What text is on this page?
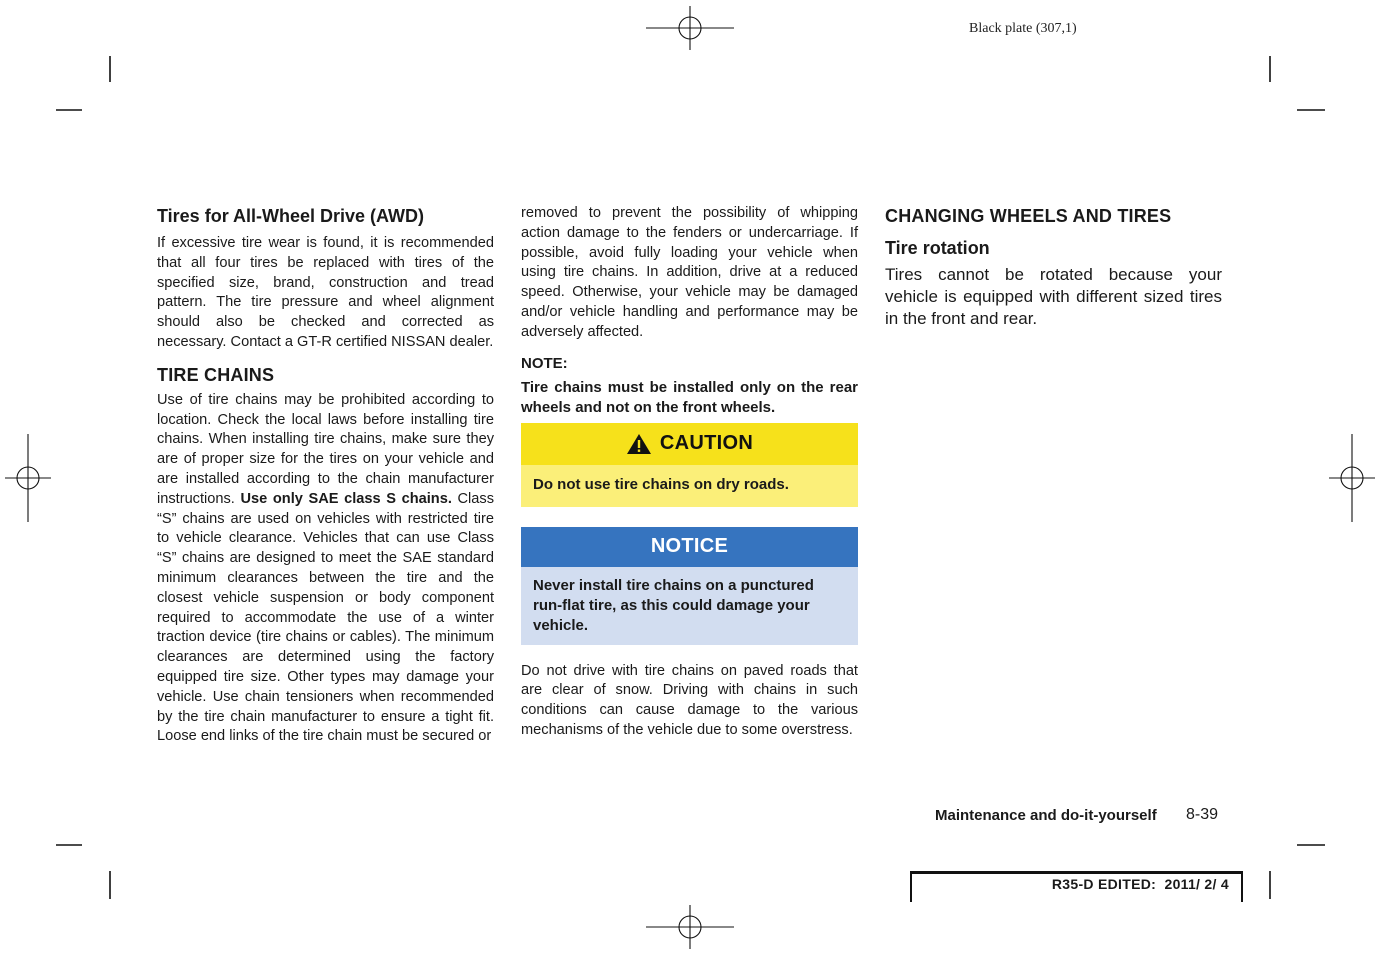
Black plate (307,1)
Tires for All-Wheel Drive (AWD)
If excessive tire wear is found, it is recommended that all four tires be replaced with tires of the specified size, brand, construction and tread pattern. The tire pressure and wheel alignment should also be checked and corrected as necessary. Contact a GT-R certified NISSAN dealer.
TIRE CHAINS
Use of tire chains may be prohibited according to location. Check the local laws before installing tire chains. When installing tire chains, make sure they are of proper size for the tires on your vehicle and are installed according to the chain manufacturer instructions. Use only SAE class S chains. Class “S” chains are used on vehicles with restricted tire to vehicle clearance. Vehicles that can use Class “S” chains are designed to meet the SAE standard minimum clearances between the tire and the closest vehicle suspension or body component required to accommodate the use of a winter traction device (tire chains or cables). The minimum clearances are determined using the factory equipped tire size. Other types may damage your vehicle. Use chain tensioners when recommended by the tire chain manufacturer to ensure a tight fit. Loose end links of the tire chain must be secured or
removed to prevent the possibility of whipping action damage to the fenders or undercarriage. If possible, avoid fully loading your vehicle when using tire chains. In addition, drive at a reduced speed. Otherwise, your vehicle may be damaged and/or vehicle handling and performance may be adversely affected.
NOTE:
Tire chains must be installed only on the rear wheels and not on the front wheels.
CAUTION
Do not use tire chains on dry roads.
NOTICE
Never install tire chains on a punctured run-flat tire, as this could damage your vehicle.
Do not drive with tire chains on paved roads that are clear of snow. Driving with chains in such conditions can cause damage to the various mechanisms of the vehicle due to some overstress.
CHANGING WHEELS AND TIRES
Tire rotation
Tires cannot be rotated because your vehicle is equipped with different sized tires in the front and rear.
Maintenance and do-it-yourself 8-39
R35-D EDITED:  2011/ 2/ 4
